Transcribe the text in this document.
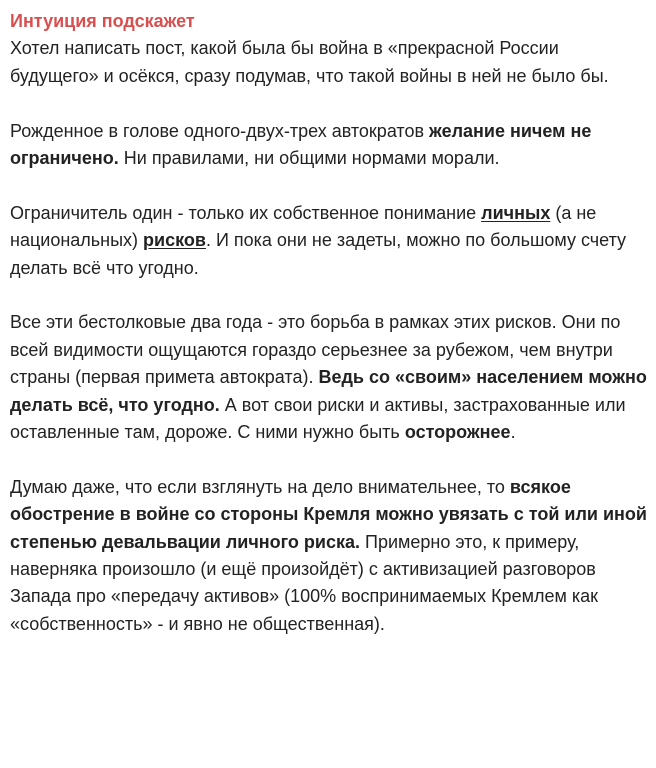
Интуиция подскажет

Хотел написать пост, какой была бы война в «прекрасной России будущего» и осёкся, сразу подумав, что такой войны в ней не было бы.

Рожденное в голове одного-двух-трех автократов желание ничем не ограничено. Ни правилами, ни общими нормами морали.

Ограничитель один - только их собственное понимание личных (а не национальных) рисков. И пока они не задеты, можно по большому счету делать всё что угодно.

Все эти бестолковые два года - это борьба в рамках этих рисков. Они по всей видимости ощущаются гораздо серьезнее за рубежом, чем внутри страны (первая примета автократа). Ведь со «своим» населением можно делать всё, что угодно. А вот свои риски и активы, застрахованные или оставленные там, дороже. С ними нужно быть осторожнее.

Думаю даже, что если взглянуть на дело внимательнее, то всякое обострение в войне со стороны Кремля можно увязать с той или иной степенью девальвации личного риска. Примерно это, к примеру, наверняка произошло (и ещё произойдёт) с активизацией разговоров Запада про «передачу активов» (100% воспринимаемых Кремлем как «собственность» - и явно не общественная).
